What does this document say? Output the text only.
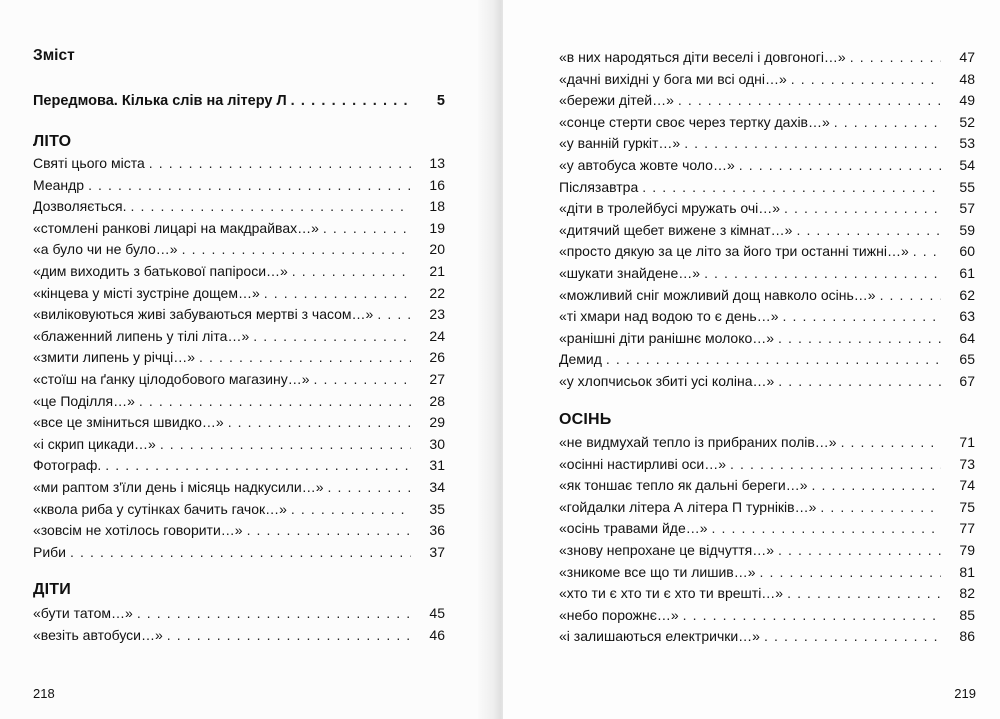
Зміст
Передмова. Кілька слів на літеру Л . . .	5
ЛІТО
Святі цього міста . . .	13
Меандр . . .	16
Дозволяється. . . .	18
«стомлені ранкові лицарі на макдрайвах…» . . .	19
«а було чи не було…» . . .	20
«дим виходить з батькової папіроси…» . . .	21
«кінцева у місті зустріне дощем…» . . .	22
«виліковуються живі забуваються мертві з часом…» . . .	23
«блаженний липень у тілі літа…» . . .	24
«змити липень у річці…» . . .	26
«стоїш на ґанку цілодобового магазину…» . . .	27
«це Поділля…» . . .	28
«все це зміниться швидко…» . . .	29
«і скрип цикади…» . . .	30
Фотограф. . . .	31
«ми раптом з'їли день і місяць надкусили…» . . .	34
«квола риба у сутінках бачить гачок…» . . .	35
«зовсім не хотілось говорити…» . . .	36
Риби . . .	37
ДІТИ
«бути татом…» . . .	45
«везіть автобуси…» . . .	46
218
«в них народяться діти веселі і довгоногі…» . . .	47
«дачні вихідні у бога ми всі одні…» . . .	48
«бережи дітей…» . . .	49
«сонце стерти своє через тертку дахів…» . . .	52
«у ванній гуркіт…» . . .	53
«у автобуса жовте чоло…» . . .	54
Післязавтра . . .	55
«діти в тролейбусі мружать очі…» . . .	57
«дитячий щебет вижене з кімнат…» . . .	59
«просто дякую за це літо за його три останні тижні…» . . .	60
«шукати знайдене…» . . .	61
«можливий сніг можливий дощ навколо осінь…» . . .	62
«ті хмари над водою то є день…» . . .	63
«ранішні діти ранішнє молоко…» . . .	64
Демид . . .	65
«у хлопчисьок збиті усі коліна…» . . .	67
ОСІНЬ
«не видмухай тепло із прибраних полів…» . . .	71
«осінні настирливі оси…» . . .	73
«як тоншає тепло як дальні береги…» . . .	74
«гойдалки літера А літера П турніків…» . . .	75
«осінь травами йде…» . . .	77
«знову непрохане це відчуття…» . . .	79
«зникоме все що ти лишив…» . . .	81
«хто ти є хто ти є хто ти врешті…» . . .	82
«небо порожнє…» . . .	85
«і залишаються електрички…» . . .	86
219
